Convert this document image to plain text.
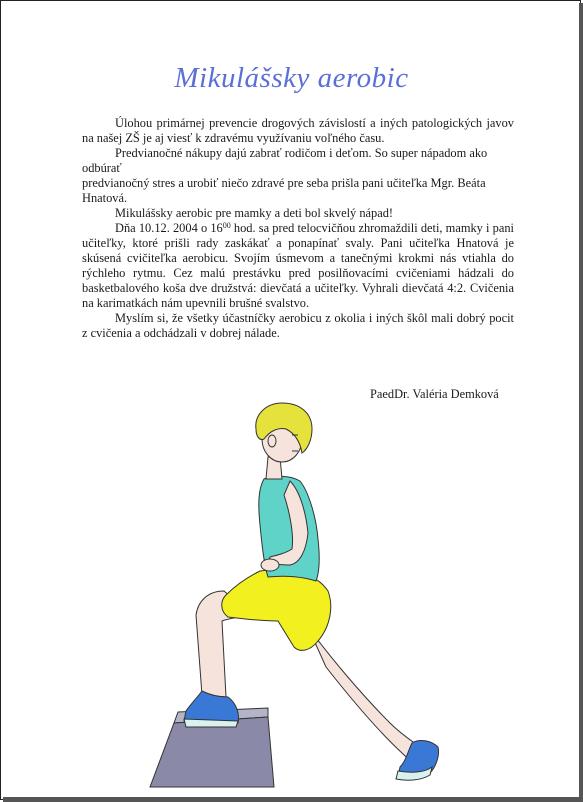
Mikulášsky aerobic

Úlohou primárnej prevencie drogových závislostí a iných patologických javov na našej ZŠ je aj viesť k zdravému využívaniu voľného času.

Predvianočné nákupy dajú zabrať rodičom i deťom. So super nápadom ako odbúrať

predvianočný stres a urobiť niečo zdravé pre seba prišla pani učiteľka Mgr. Beáta Hnatová.

Mikulášsky aerobic pre mamky a deti bol skvelý nápad!

Dňa 10.12. 2004 o $16^{00}$ hod. sa pred telocvičňou zhromaždili deti, mamky i pani učiteľky, ktoré prišli rady zaskákať a ponapínať svaly. Pani učiteľka Hnatová je skúsená cvičiteľka aerobicu. Svojím úsmevom a tanečnými krokmi nás vtiahla do rýchleho rytmu. Cez malú prestávku pred posilňovacími cvičeniami hádzali do basketbalového koša dve družstvá: dievčatá a učiteľky. Vyhrali dievčatá 4:2. Cvičenia na karimatkách nám upevnili brušné svalstvo.

Myslím si, že všetky účastníčky aerobicu z okolia i iných škôl mali dobrý pocit z cvičenia a odchádzali v dobrej nálade.

PaedDr. Valéria Demková
